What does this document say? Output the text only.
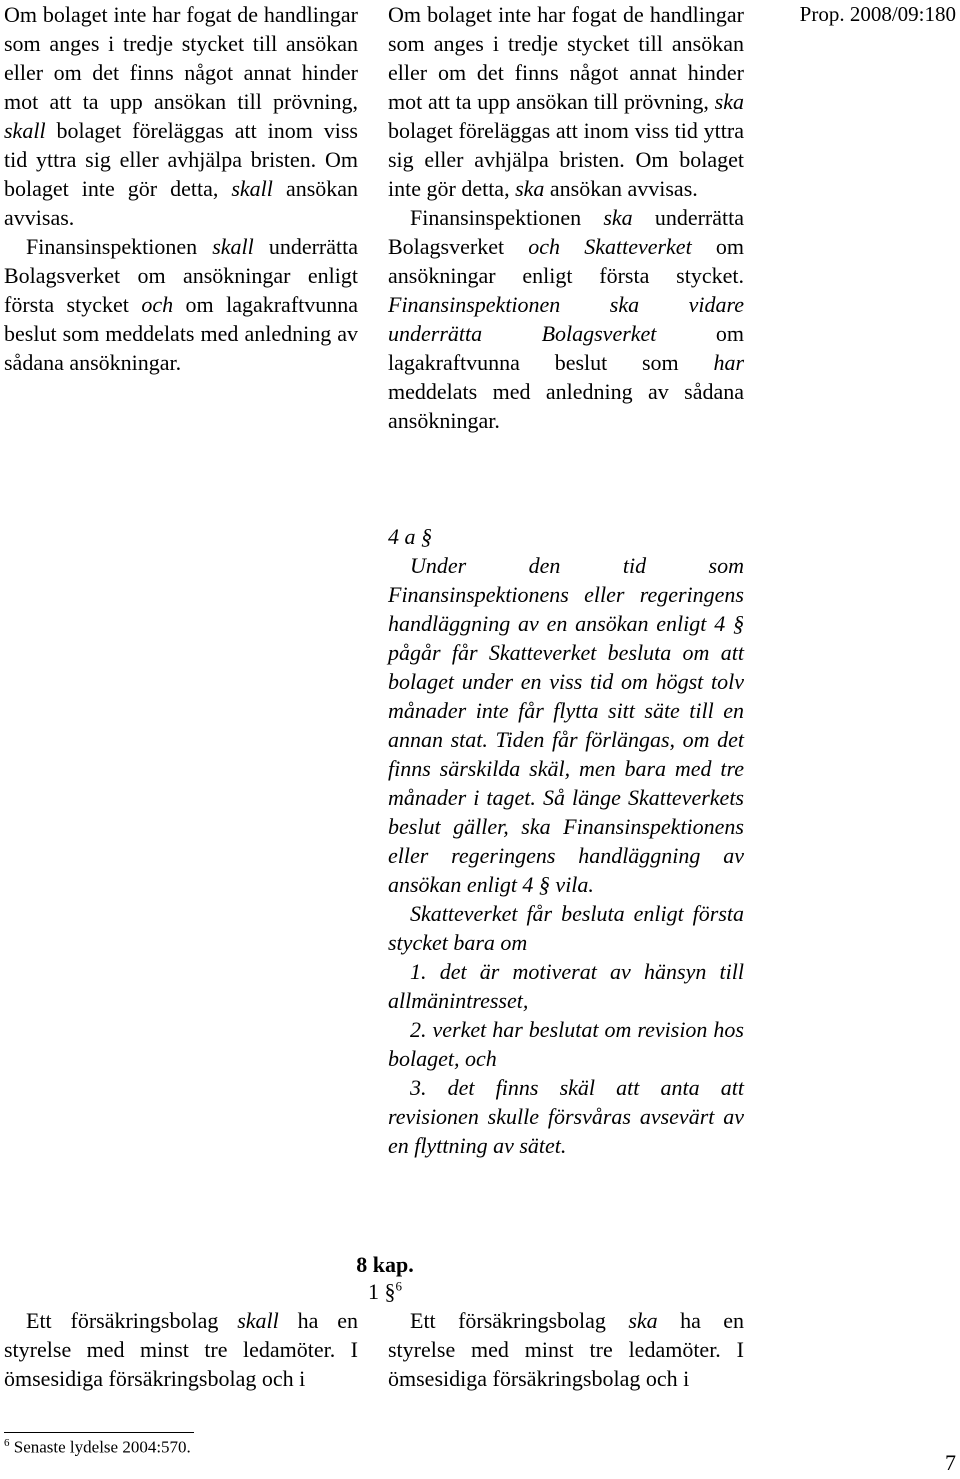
Prop. 2008/09:180

Om bolaget inte har fogat de handlingar som anges i tredje stycket till ansökan eller om det finns något annat hinder mot att ta upp ansökan till prövning, skall bolaget föreläggas att inom viss tid yttra sig eller avhjälpa bristen. Om bolaget inte gör detta, skall ansökan avvisas.

Finansinspektionen skall underrätta Bolagsverket om ansökningar enligt första stycket och om lagakraftvunna beslut som meddelats med anledning av sådana ansökningar.

Om bolaget inte har fogat de handlingar som anges i tredje stycket till ansökan eller om det finns något annat hinder mot att ta upp ansökan till prövning, ska bolaget föreläggas att inom viss tid yttra sig eller avhjälpa bristen. Om bolaget inte gör detta, ska ansökan avvisas.

Finansinspektionen ska underrätta Bolagsverket och Skatteverket om ansökningar enligt första stycket. Finansinspektionen ska vidare underrätta Bolagsverket	om lagakraftvunna beslut som har meddelats med anledning av sådana ansökningar.

4 a §

Under den tid som Finansinspektionens eller regeringens handläggning av en ansökan enligt 4 § pågår får Skatteverket besluta om att bolaget under en viss tid om högst tolv månader inte får flytta sitt säte till en annan stat. Tiden får förlängas, om det finns särskilda skäl, men bara med tre månader i taget. Så länge Skatteverkets beslut gäller, ska Finansinspektionens eller regeringens handläggning av ansökan enligt 4 § vila.

Skatteverket får besluta enligt första stycket bara om

1. det är motiverat av hänsyn till allmänintresset,

2. verket har beslutat om revision hos bolaget, och

3. det finns skäl att anta att revisionen skulle försvåras avsevärt av en flyttning av sätet.

8 kap.
1 §$^6$

Ett försäkringsbolag skall ha en styrelse med minst tre ledamöter. I ömsesidiga försäkringsbolag och i

Ett försäkringsbolag ska ha en styrelse med minst tre ledamöter. I ömsesidiga försäkringsbolag och i

$^6$ Senaste lydelse 2004:570.
7
